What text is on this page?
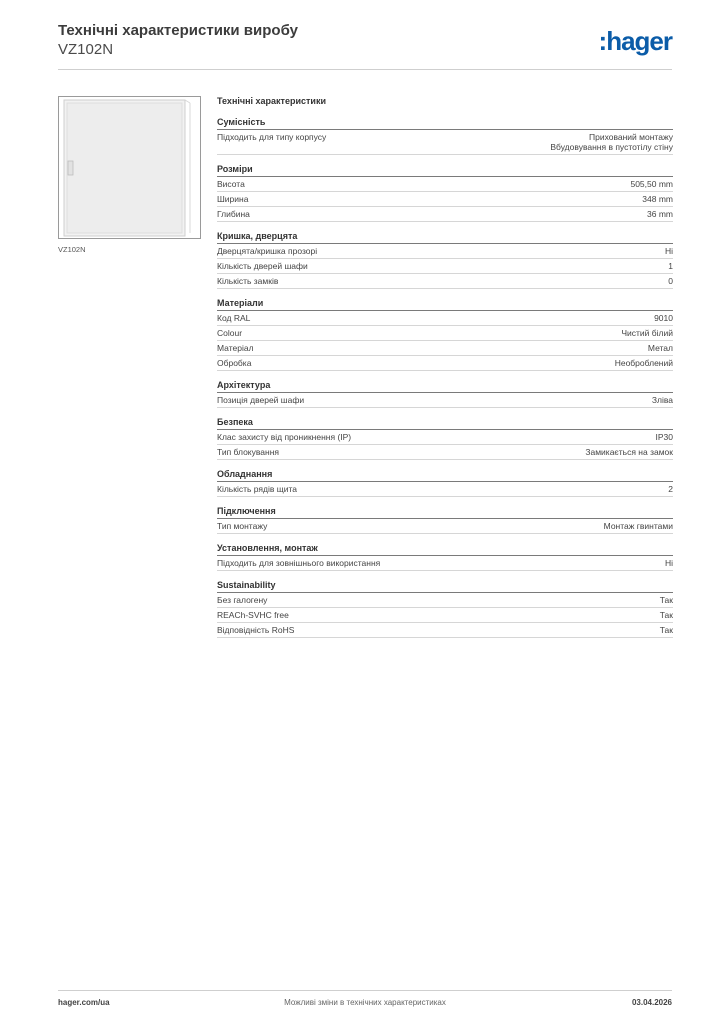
Технічні характеристики виробу
VZ102N	:hager
VZ102N
Технічні характеристики
Сумісність
Підходить для типу корпусу	Прихований монтажу
Вбудовування в пустотілу стіну
Розміри
Висота	505,50 mm
Ширина	348 mm
Глибина	36 mm
Кришка, дверцята
Дверцята/кришка прозорі	Ні
Кількість дверей шафи	1
Кількість замків	0
Матеріали
Код RAL	9010
Colour	Чистий білий
Матеріал	Метал
Обробка	Необроблений
Архітектура
Позиція дверей шафи	Зліва
Безпека
Клас захисту від проникнення (IP)	IP30
Тип блокування	Замикається на замок
Обладнання
Кількість рядів щита	2
Підключення
Тип монтажу	Монтаж гвинтами
Установлення, монтаж
Підходить для зовнішнього використання	Ні
Sustainability
Без галогену	Так
REACh-SVHC free	Так
Відповідність RoHS	Так
hager.com/ua	Можливі зміни в технічних характеристиках	03.04.2026
